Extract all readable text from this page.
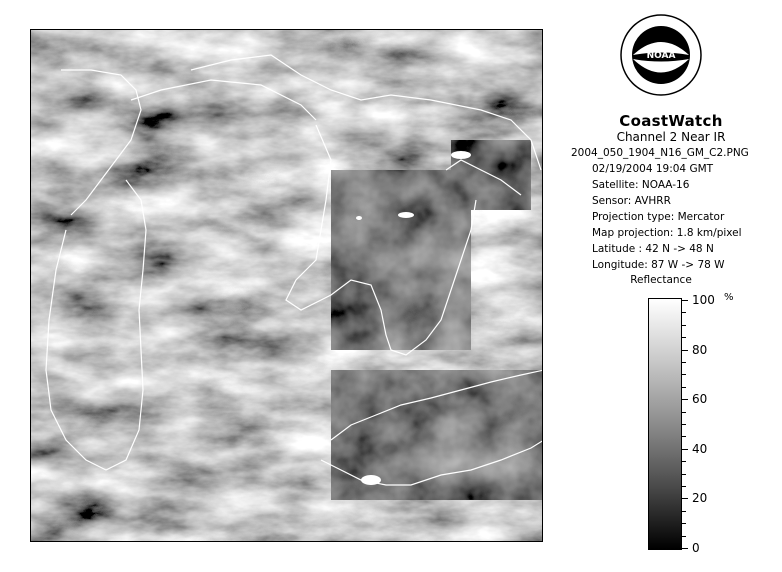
NOAA
CoastWatch
Channel 2 Near IR
2004_050_1904_N16_GM_C2.PNG
02/19/2004 19:04 GMT
Satellite: NOAA-16
Sensor: AVHRR
Projection type: Mercator
Map projection: 1.8 km/pixel
Latitude : 42 N -> 48 N
Longitude: 87 W -> 78 W
Reflectance
%
100
80
60
40
20
0
